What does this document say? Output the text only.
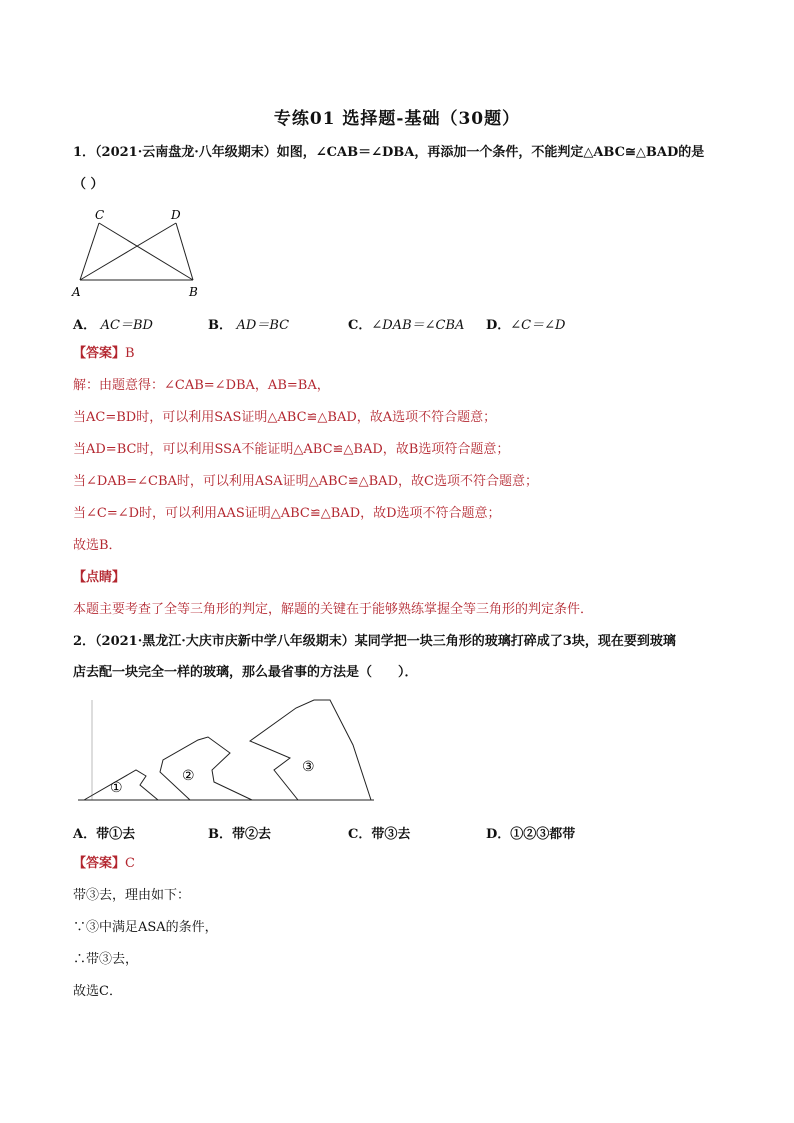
专练01 选择题-基础（30题）
1．（2021·云南盘龙·八年级期末）如图，∠CAB＝∠DBA，再添加一个条件，不能判定△ABC≅△BAD的是
（ ）
C	D
A	B
A． AC＝BD	B． AD＝BC	C．∠DAB＝∠CBA D．∠C＝∠D
【答案】B
解：由题意得：∠CAB=∠DBA，AB=BA，
当AC=BD时，可以利用SAS证明△ABC≌△BAD，故A选项不符合题意；
当AD=BC时，可以利用SSA不能证明△ABC≌△BAD，故B选项符合题意；
当∠DAB=∠CBA时，可以利用ASA证明△ABC≌△BAD，故C选项不符合题意；
当∠C=∠D时，可以利用AAS证明△ABC≌△BAD，故D选项不符合题意；
故选B．
【点睛】
本题主要考查了全等三角形的判定，解题的关键在于能够熟练掌握全等三角形的判定条件．
2．（2021·黑龙江·大庆市庆新中学八年级期末）某同学把一块三角形的玻璃打碎成了3块，现在要到玻璃
店去配一块完全一样的玻璃，那么最省事的方法是（　　）．
①
②
③
A．带①去	B．带②去	C．带③去	D．①②③都带
【答案】C
带③去，理由如下：
∵③中满足ASA的条件，
∴带③去，
故选C．
